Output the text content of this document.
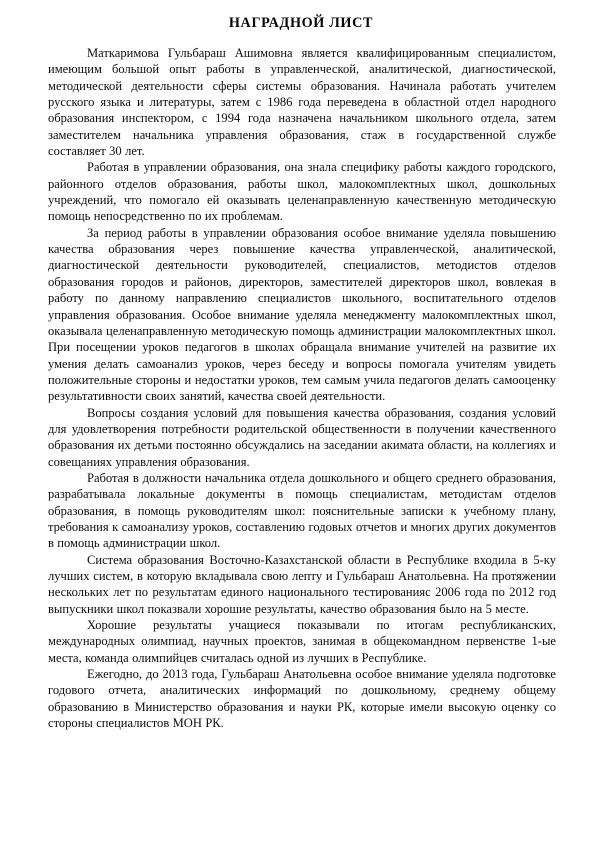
НАГРАДНОЙ ЛИСТ

Маткаримова Гульбараш Ашимовна является квалифицированным специалистом, имеющим большой опыт работы в управленческой, аналитической, диагностической, методической деятельности сферы системы образования. Начинала работать учителем русского языка и литературы, затем с 1986 года переведена в областной отдел народного образования инспектором, с 1994 года назначена начальником школьного отдела, затем заместителем начальника управления образования, стаж в государственной службе составляет 30 лет.

Работая в управлении образования, она знала специфику работы каждого городского, районного отделов образования, работы школ, малокомплектных школ, дошкольных учреждений, что помогало ей оказывать целенаправленную качественную методическую помощь непосредственно по их проблемам.

За период работы в управлении образования особое внимание уделяла повышению качества образования через повышение качества управленческой, аналитической, диагностической деятельности руководителей, специалистов, методистов отделов образования городов и районов, директоров, заместителей директоров школ, вовлекая в работу по данному направлению специалистов школьного, воспитательного отделов управления образования. Особое внимание уделяла менеджменту малокомплектных школ, оказывала целенаправленную методическую помощь администрации малокомплектных школ. При посещении уроков педагогов в школах обращала внимание учителей на развитие их умения делать самоанализ уроков, через беседу и вопросы помогала учителям увидеть положительные стороны и недостатки уроков, тем самым учила педагогов делать самооценку результативности своих занятий, качества своей деятельности.

Вопросы создания условий для повышения качества образования, создания условий для удовлетворения потребности родительской общественности в получении качественного образования их детьми постоянно обсуждались на заседании акимата области, на коллегиях и совещаниях управления образования.

Работая в должности начальника отдела дошкольного и общего среднего образования, разрабатывала локальные документы в помощь специалистам, методистам отделов образования, в помощь руководителям школ: пояснительные записки к учебному плану, требования к самоанализу уроков, составлению годовых отчетов и многих других документов в помощь администрации школ.

Система образования Восточно-Казахстанской области в Республике входила в 5-ку лучших систем, в которую вкладывала свою лепту и Гульбараш Анатольевна. На протяжении нескольких лет по результатам единого национального тестированияс 2006 года по 2012 год выпускники школ показвали хорошие результаты, качество образования было на 5 месте.

Хорошие результаты учащиеся показывали по итогам республиканских, международных олимпиад, научных проектов, занимая в общекомандном первенстве 1-ые места, команда олимпийцев считалась одной из лучших в Республике.

Ежегодно, до 2013 года, Гульбараш Анатольевна особое внимание уделяла подготовке годового отчета, аналитических информаций по дошкольному, среднему общему образованию в Министерство образования и науки РК, которые имели высокую оценку со стороны специалистов МОН РК.
